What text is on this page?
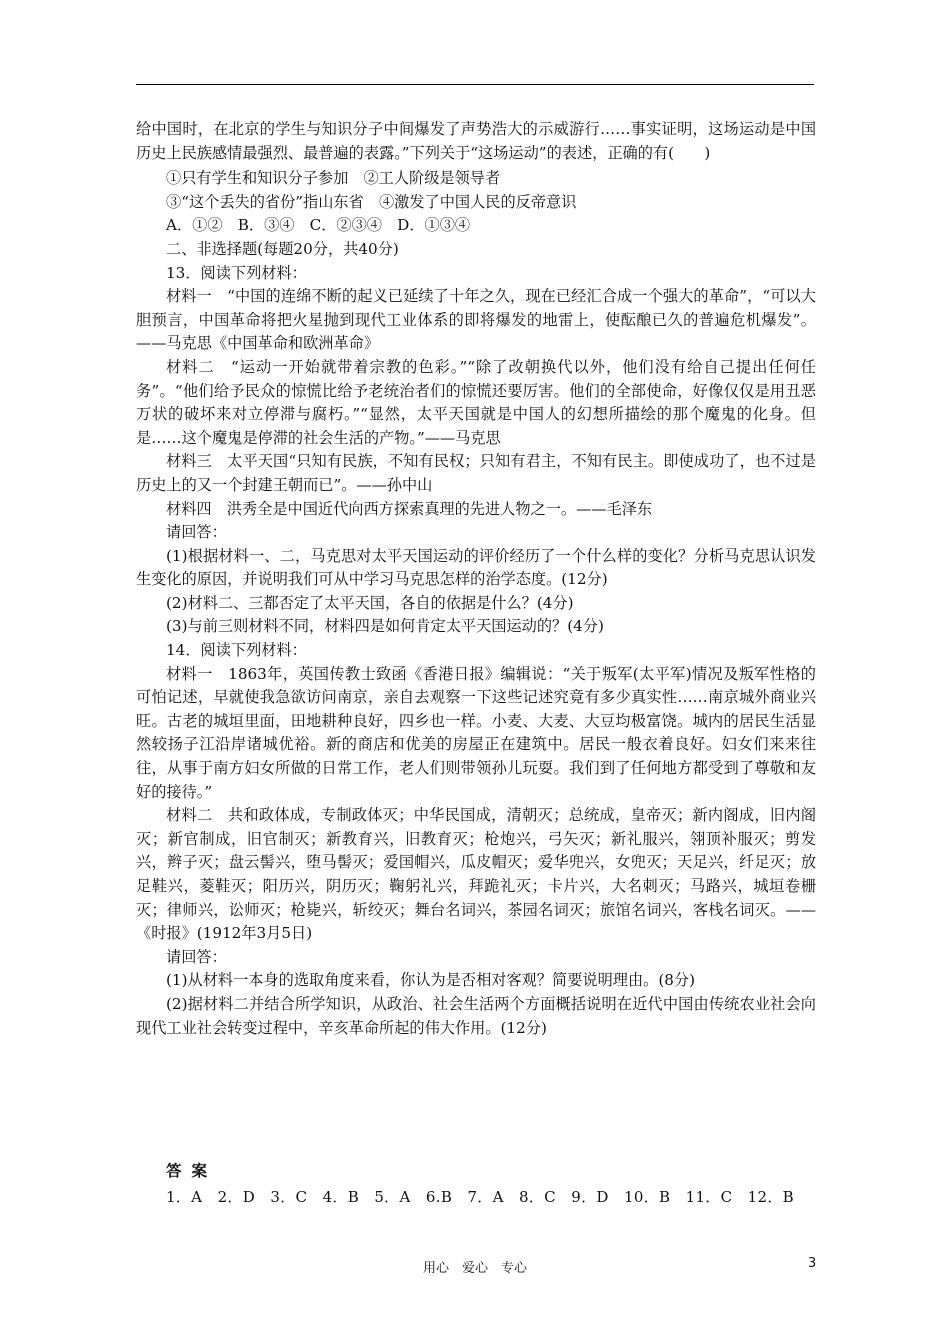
给中国时，在北京的学生与知识分子中间爆发了声势浩大的示威游行……事实证明，这场运动是中国历史上民族感情最强烈、最普遍的表露。”下列关于“这场运动”的表述，正确的有(　　)

①只有学生和知识分子参加　②工人阶级是领导者

③“这个丢失的省份”指山东省　④激发了中国人民的反帝意识

A．①②　B．③④　C．②③④　D．①③④

二、非选择题(每题20分，共40分)

13．阅读下列材料：

材料一　“中国的连绵不断的起义已延续了十年之久，现在已经汇合成一个强大的革命”，“可以大胆预言，中国革命将把火星抛到现代工业体系的即将爆发的地雷上，使酝酿已久的普遍危机爆发”。——马克思《中国革命和欧洲革命》

材料二　“运动一开始就带着宗教的色彩。”“除了改朝换代以外，他们没有给自己提出任何任务”。“他们给予民众的惊慌比给予老统治者们的惊慌还要厉害。他们的全部使命，好像仅仅是用丑恶万状的破坏来对立停滞与腐朽。”“显然，太平天国就是中国人的幻想所描绘的那个魔鬼的化身。但是……这个魔鬼是停滞的社会生活的产物。”——马克思

材料三　太平天国“只知有民族，不知有民权；只知有君主，不知有民主。即使成功了，也不过是历史上的又一个封建王朝而已”。——孙中山

材料四　洪秀全是中国近代向西方探索真理的先进人物之一。——毛泽东

请回答：

(1)根据材料一、二，马克思对太平天国运动的评价经历了一个什么样的变化？分析马克思认识发生变化的原因，并说明我们可从中学习马克思怎样的治学态度。(12分)

(2)材料二、三都否定了太平天国，各自的依据是什么？(4分)

(3)与前三则材料不同，材料四是如何肯定太平天国运动的？(4分)

14．阅读下列材料：

材料一　1863年，英国传教士致函《香港日报》编辑说：“关于叛军(太平军)情况及叛军性格的可怕记述，早就使我急欲访问南京，亲自去观察一下这些记述究竟有多少真实性……南京城外商业兴旺。古老的城垣里面，田地耕种良好，四乡也一样。小麦、大麦、大豆均极富饶。城内的居民生活显然较扬子江沿岸诸城优裕。新的商店和优美的房屋正在建筑中。居民一般衣着良好。妇女们来来往往，从事于南方妇女所做的日常工作，老人们则带领孙儿玩耍。我们到了任何地方都受到了尊敬和友好的接待。”

材料二　共和政体成，专制政体灭；中华民国成，清朝灭；总统成，皇帝灭；新内阁成，旧内阁灭；新官制成，旧官制灭；新教育兴，旧教育灭；枪炮兴，弓矢灭；新礼服兴，翎顶补服灭；剪发兴，辫子灭；盘云髻兴，堕马髻灭；爱国帽兴，瓜皮帽灭；爱华兜兴，女兜灭；天足兴，纤足灭；放足鞋兴，菱鞋灭；阳历兴，阴历灭；鞠躬礼兴，拜跪礼灭；卡片兴，大名刺灭；马路兴，城垣卷栅灭；律师兴，讼师灭；枪毙兴，斩绞灭；舞台名词兴，茶园名词灭；旅馆名词兴，客栈名词灭。——《时报》(1912年3月5日)

请回答：

(1)从材料一本身的选取角度来看，你认为是否相对客观？简要说明理由。(8分)

(2)据材料二并结合所学知识，从政治、社会生活两个方面概括说明在近代中国由传统农业社会向现代工业社会转变过程中，辛亥革命所起的伟大作用。(12分)

答案
1．A　2．D　3．C　4．B　5．A　6.B　7．A　8．C　9．D　10．B　11．C　12．B
用心　爱心　专心	3
